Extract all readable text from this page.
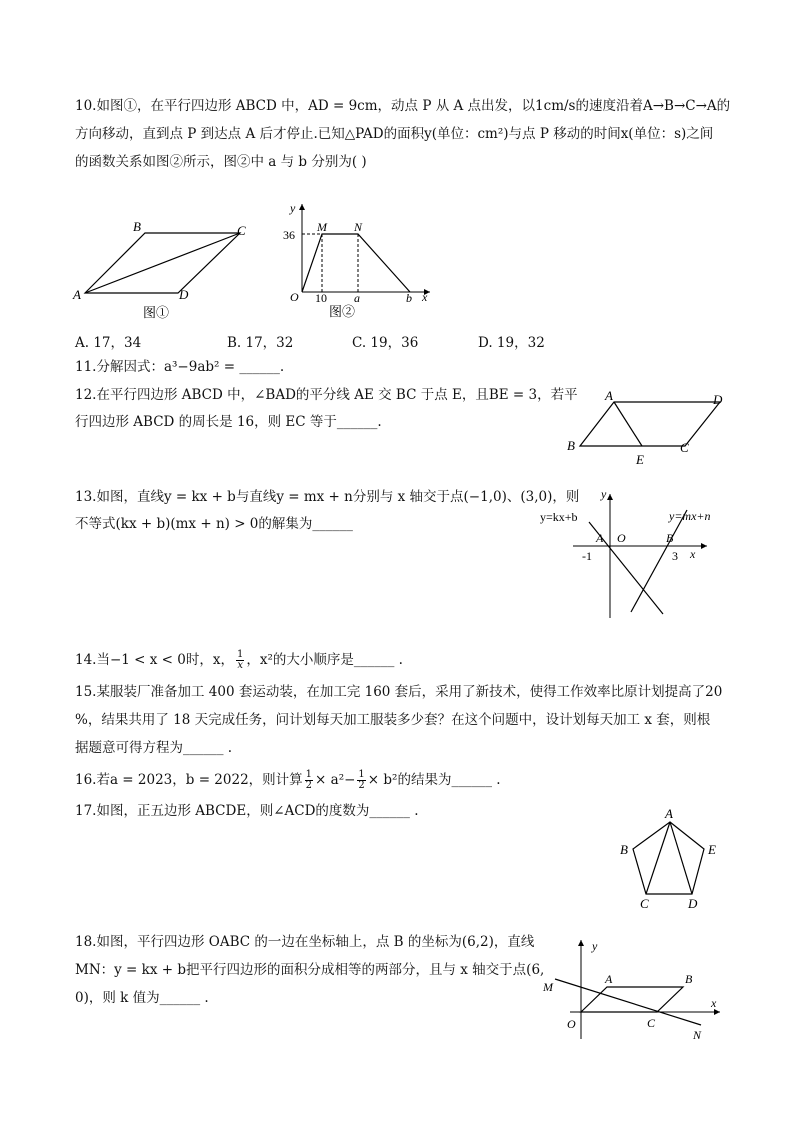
10.如图①，在平行四边形 ABCD 中，AD = 9cm，动点 P 从 A 点出发，以1cm/s的速度沿着A→B→C→A的
方向移动，直到点 P 到达点 A 后才停止.已知△PAD的面积y(单位：cm²)与点 P 移动的时间x(单位：s)之间
的函数关系如图②所示，图②中 a 与 b 分别为( )
A
B	C
D
图①
y
x
O
M N
36
10 a	b
图②
A. 17，34	B. 17，32	C. 19，36	D. 19，32
11.分解因式：a³−9ab² = ______.
12.在平行四边形 ABCD 中，∠BAD的平分线 AE 交 BC 于点 E，且BE = 3，若平
行四边形 ABCD 的周长是 16，则 EC 等于______.
A	D
B
E
C
13.如图，直线y = kx + b与直线y = mx + n分别与 x 轴交于点(−1,0)、(3,0)，则
不等式(kx + b)(mx + n) > 0的解集为______	y=kx+b	y=mx+n
y
x
O
A	B
-1	3
14.当−1 < x < 0时，x， $\frac{1}{x}$ ，x²的大小顺序是______ .
15.某服装厂准备加工 400 套运动装，在加工完 160 套后，采用了新技术，使得工作效率比原计划提高了20
%，结果共用了 18 天完成任务，问计划每天加工服装多少套？在这个问题中，设计划每天加工 x 套，则根
据题意可得方程为______ .
16.若a = 2023，b = 2022，则计算 $\frac{1}{2} \times a^2- \frac{1}{2} \times b^2$的结果为______ .
17.如图，正五边形 ABCDE，则∠ACD的度数为______ .	A
B	E
C	D
18.如图，平行四边形 OABC 的一边在坐标轴上，点 B 的坐标为(6,2)，直线
MN：y = kx + b把平行四边形的面积分成相等的两部分，且与 x 轴交于点(6,
0)，则 k 值为______ .
y
x
O
A	B
C
M
N
